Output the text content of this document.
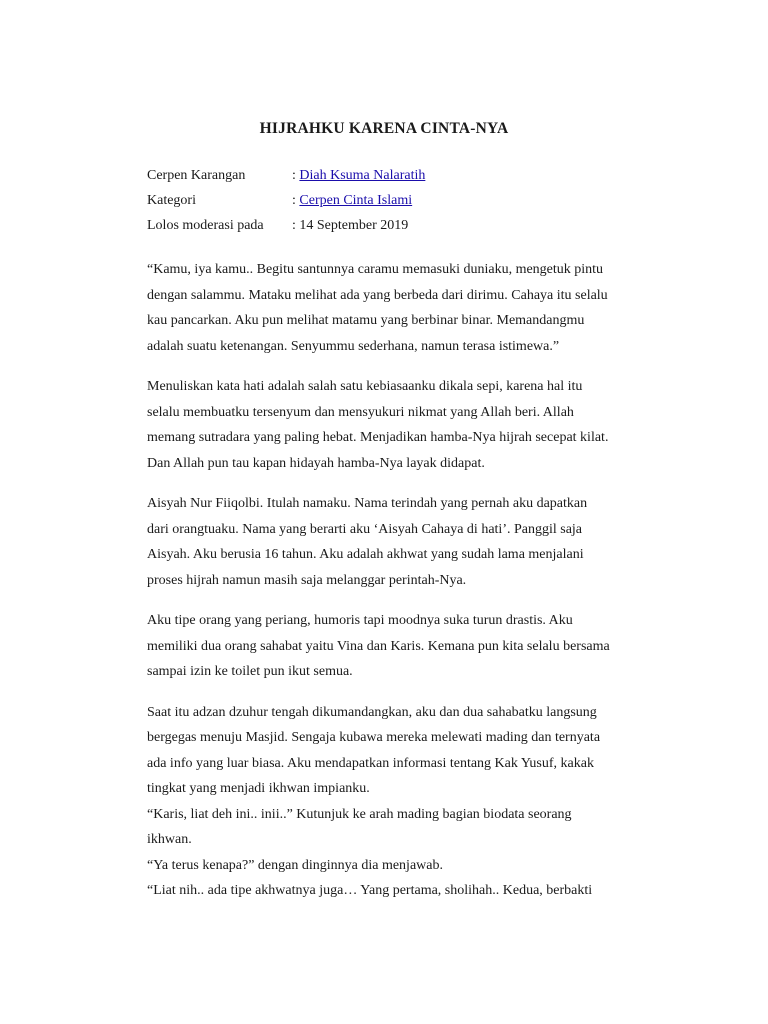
HIJRAHKU KARENA CINTA-NYA
Cerpen Karangan	: Diah Ksuma Nalaratih
Kategori	: Cerpen Cinta Islami
Lolos moderasi pada	: 14 September 2019

“Kamu, iya kamu.. Begitu santunnya caramu memasuki duniaku, mengetuk pintu
dengan salammu. Mataku melihat ada yang berbeda dari dirimu. Cahaya itu selalu
kau pancarkan. Aku pun melihat matamu yang berbinar binar. Memandangmu
adalah suatu ketenangan. Senyummu sederhana, namun terasa istimewa.”

Menuliskan kata hati adalah salah satu kebiasaanku dikala sepi, karena hal itu
selalu membuatku tersenyum dan mensyukuri nikmat yang Allah beri. Allah
memang sutradara yang paling hebat. Menjadikan hamba-Nya hijrah secepat kilat.
Dan Allah pun tau kapan hidayah hamba-Nya layak didapat.

Aisyah Nur Fiiqolbi. Itulah namaku. Nama terindah yang pernah aku dapatkan
dari orangtuaku. Nama yang berarti aku ‘Aisyah Cahaya di hati’. Panggil saja
Aisyah. Aku berusia 16 tahun. Aku adalah akhwat yang sudah lama menjalani
proses hijrah namun masih saja melanggar perintah-Nya.

Aku tipe orang yang periang, humoris tapi moodnya suka turun drastis. Aku
memiliki dua orang sahabat yaitu Vina dan Karis. Kemana pun kita selalu bersama
sampai izin ke toilet pun ikut semua.

Saat itu adzan dzuhur tengah dikumandangkan, aku dan dua sahabatku langsung
bergegas menuju Masjid. Sengaja kubawa mereka melewati mading dan ternyata
ada info yang luar biasa. Aku mendapatkan informasi tentang Kak Yusuf, kakak
tingkat yang menjadi ikhwan impianku.
“Karis, liat deh ini.. inii..” Kutunjuk ke arah mading bagian biodata seorang
ikhwan.
“Ya terus kenapa?” dengan dinginnya dia menjawab.
“Liat nih.. ada tipe akhwatnya juga… Yang pertama, sholihah.. Kedua, berbakti
